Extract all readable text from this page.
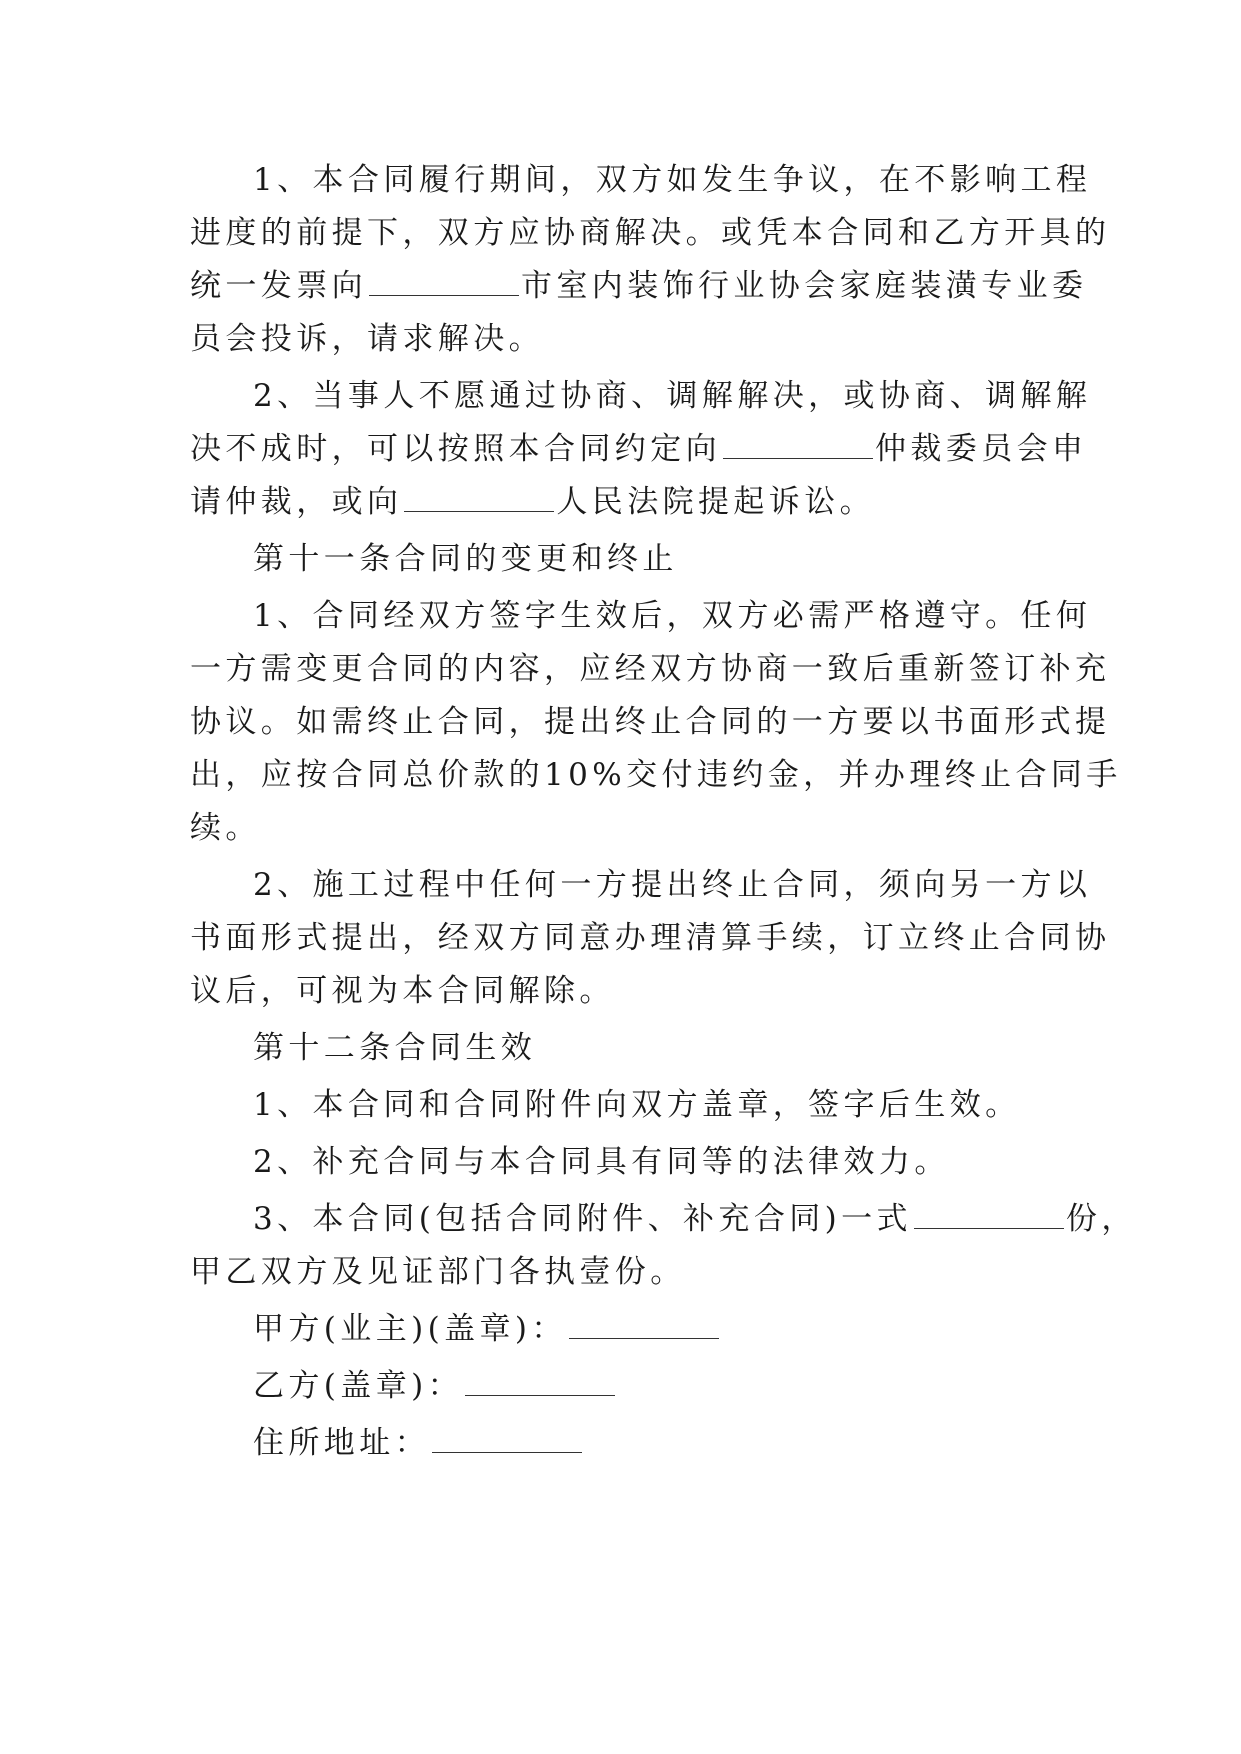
1、本合同履行期间，双方如发生争议，在不影响工程
进度的前提下，双方应协商解决。或凭本合同和乙方开具的
统一发票向	市室内装饰行业协会家庭装潢专业委
员会投诉，请求解决。
2、当事人不愿通过协商、调解解决，或协商、调解解
决不成时，可以按照本合同约定向	仲裁委员会申
请仲裁，或向	人民法院提起诉讼。
第十一条合同的变更和终止
1、合同经双方签字生效后，双方必需严格遵守。任何
一方需变更合同的内容，应经双方协商一致后重新签订补充
协议。如需终止合同，提出终止合同的一方要以书面形式提
出，应按合同总价款的10%交付违约金，并办理终止合同手
续。
2、施工过程中任何一方提出终止合同，须向另一方以
书面形式提出，经双方同意办理清算手续，订立终止合同协
议后，可视为本合同解除。
第十二条合同生效
1、本合同和合同附件向双方盖章，签字后生效。
2、补充合同与本合同具有同等的法律效力。
3、本合同(包括合同附件、补充合同)一式	份，
甲乙双方及见证部门各执壹份。
甲方(业主)(盖章)：
乙方(盖章)：
住所地址：
